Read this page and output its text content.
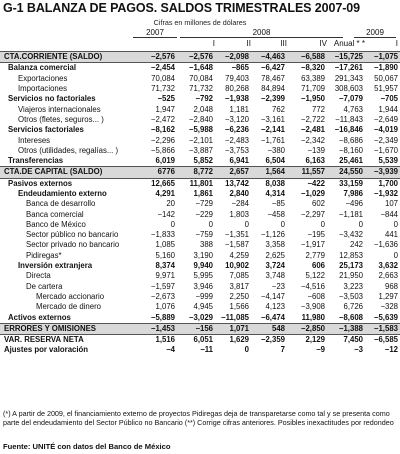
G-1 BALANZA DE PAGOS. SALDOS TRIMESTRALES 2007-09
Cifras en millones de dólares
2007	2008	2009
I	II	III	IV Anual * *	I
CTA.CORRIENTE (SALDO)	−2,576	−2,576	−2,098	−4,463	−6,588	−15,725	−1,075
Balanza comercial	−2,454	−1,648	−865	−6,427	−8,320	−17,261	−1,890
Exportaciones	70,084	70,084	79,403	78,467	63,389	291,343	50,067
Importaciones	71,732	71,732	80,268	84,894	71,709	308,603	51,957
Servicios no factoriales	−525	−792	−1,938	−2,399	−1,950	−7,079	−705
Viajeros internacionales	1,947	2,048	1,181	762	772	4,763	1,944
Otros (fletes, seguros... )	−2,472	−2,840	−3,120	−3,161	−2,722	−11,843	−2,649
Servicios factoriales	−8,162	−5,988	−6,236	−2,141	−2,481	−16,846	−4,019
Intereses	−2,296	−2,101	−2,483	−1,761	−2,342	−8,686	−2,349
Otros (utilidades, regalías... )	−5,866	−3,887	−3,753	−380	−139	−8,160	−1,670
Transferencias	6,019	5,852	6,941	6,504	6,163	25,461	5,539
CTA.DE CAPITAL (SALDO)	6776	8,772	2,657	1,564	11,557	24,550	−3,939
Pasivos externos	12,665	11,801	13,742	8,038	−422	33,159	1,700
Endeudamiento externo	4,291	1,861	2,840	4,314	−1,029	7,986	−1,932
Banca de desarrollo	20	−729	−284	−85	602	−496	107
Banca comercial	−142	−229	1,803	−458	−2,297	−1,181	−844
Banco de México	0	0	0	0	0	0	0
Sector público no bancario	−1,833	−759	−1,351	−1,126	−195	−3,432	441
Sector privado no bancario	1,085	388	−1,587	3,358	−1,917	242	−1,636
Pidiregas*	5,160	3,190	4,259	2,625	2,779	12,853	0
Inversión extranjera	8,374	9,940	10,902	3,724	606	25,173	3,632
Directa	9,971	5,995	7,085	3,748	5,122	21,950	2,663
De cartera	−1,597	3,946	3,817	−23	−4,516	3,223	968
Mercado accionario	−2,673	−999	2,250	−4,147	−608	−3,503	1,297
Mercado de dinero	1,076	4,945	1,566	4,123	−3,908	6,726	−328
Activos externos	−5,889	−3,029	−11,085	−6,474	11,980	−8,608	−5,639
ERRORES Y OMISIONES	−1,453	−156	1,071	548	−2,850	−1,388	−1,583
VAR. RESERVA NETA	1,516	6,051	1,629	−2,359	2,129	7,450	−6,585
Ajustes por valoración	−4	−11	0	7	−9	−3	−12
(*) A partir de 2009, el financiamiento externo de proyectos Pidiregas deja de transparetarse como tal y se presenta como parte del endeudamiento del Sector Público no Bancario (**) Corrige cifras anteriores. Posibles inexactitudes por redondeo
Fuente: UNITÉ con datos del Banco de México
